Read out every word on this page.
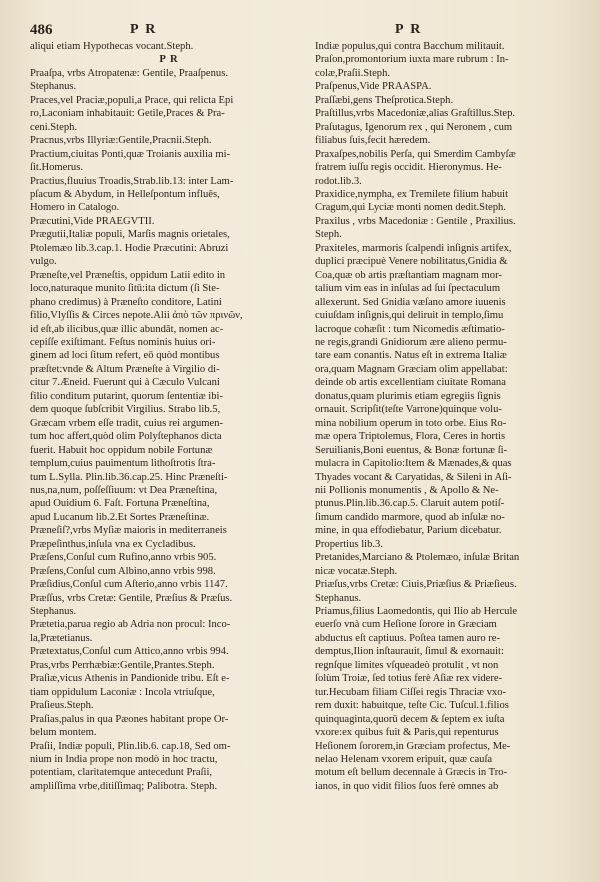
486	P R	P R
aliqui etiam Hypothecas vocant.Steph.
P R
Praaſpa, vrbs Atropatenæ: Gentile, Praaſpenus.
Stephanus.
Praces,vel Praciæ,populi,a Prace, qui relicta Epi
ro,Laconiam inhabitauit: Getile,Praces & Pra-
ceni.Steph.
Pracnus,vrbs Illyriæ:Gentile,Pracnii.Steph.
Practium,ciuitas Ponti,quæ Troianis auxilia mi-
ſit.Homerus.
Practius,fluuius Troadis,Strab.lib.13: inter Lam-
pſacum & Abydum, in Helleſpontum influēs,
Homero in Catalogo.
Præcutini,Vide PRAEGVTII.
Prægutii,Italiæ populi, Marſis magnis orietales,
Ptolemæo lib.3.cap.1. Hodie Præcutini: Abruzi
vulgo.
Præneſte,vel Præneſtis, oppidum Latii edito in
loco,naturaque munito ſitū:ita dictum (ſi Ste-
phano credimus) à Præneſto conditore, Latini
filio,Vlyſſis & Circes nepote.Alii ἀπὸ τῶν πρινῶν,
id eſt,ab ilicibus,quæ illic abundāt, nomen ac-
cepiſſe exiſtimant. Feſtus nominis huius ori-
ginem ad loci ſitum refert, eō quòd montibus
præſtet:vnde & Altum Præneſte à Virgilio di-
citur 7.Æneid. Fuerunt qui à Cæculo Vulcani
filio conditum putarint, quorum ſententiæ ibi-
dem quoque ſubſcribit Virgilius. Strabo lib.5,
Græcam vrbem eſſe tradit, cuius rei argumen-
tum hoc affert,quòd olim Polyſtephanos dicta
fuerit. Habuit hoc oppidum nobile Fortunæ
templum,cuius pauimentum lithoſtrotis ſtra-
tum L.Sylla. Plin.lib.36.cap.25. Hinc Præneſti-
nus,na,num, poſſeſſiuum: vt Dea Præneſtina,
apud Ouidium 6. Faſt. Fortuna Præneſtina,
apud Lucanum lib.2.Et Sortes Præneſtinæ.
Præneſiſ?,vrbs Myſiæ maioris in mediterraneis
Præpeſinthus,inſula vna ex Cycladibus.
Præſens,Conſul cum Rufino,anno vrbis 905.
Præſens,Conſul cum Albino,anno vrbis 998.
Præſidius,Conſul cum Aſterio,anno vrbis 1147.
Præſſus, vrbs Cretæ: Gentile, Præſius & Præſus.
Stephanus.
Prætetia,parua regio ab Adria non procul: Inco-
la,Prætetianus.
Prætextatus,Conſul cum Attico,anno vrbis 994.
Pras,vrbs Perrhæbiæ:Gentile,Prantes.Steph.
Praſiæ,vicus Athenis in Pandionide tribu. Eſt e-
tiam oppidulum Laconiæ : Incola vtriuſque,
Praſieus.Steph.
Praſias,palus in qua Pæones habitant prope Or-
belum montem.
Praſii, Indiæ populi, Plin.lib.6. cap.18, Sed om-
nium in India prope non modò in hoc tractu,
potentiam, claritatemque antecedunt Praſii,
ampliſſima vrbe,ditiſſimaq; Palibotra. Steph.
Indiæ populus,qui contra Bacchum militauit.
Praſon,promontorium iuxta mare rubrum : In-
colæ,Praſii.Steph.
Praſpenus,Vide PRAASPA.
Praſſæbi,gens Theſprotica.Steph.
Praſtillus,vrbs Macedoniæ,alias Graſtillus.Step.
Praſutagus, Igenorum rex , qui Neronem , cum
filiabus ſuis,fecit hæredem.
Praxaſpes,nobilis Perſa, qui Smerdim Cambyſæ
fratrem iuſſu regis occidit. Hieronymus. He-
rodot.lib.3.
Praxidice,nympha, ex Tremilete filium habuit
Cragum,qui Lyciæ monti nomen dedit.Steph.
Praxilus , vrbs Macedoniæ : Gentile , Praxilius.
Steph.
Praxiteles, marmoris ſcalpendi inſignis artifex,
duplici præcipuè Venere nobilitatus,Gnidia &
Coa,quæ ob artis præſtantiam magnam mor-
talium vim eas in inſulas ad ſui ſpectaculum
allexerunt. Sed Gnidia væſano amore iuuenis
cuiuſdam inſignis,qui deliruit in templo,ſimu
lacroque cohæſit : tum Nicomedis æſtimatio-
ne regis,grandi Gnidiorum ære alieno permu-
tare eam conantis. Natus eſt in extrema Italiæ
ora,quam Magnam Græciam olim appellabat:
deinde ob artis excellentiam ciuitate Romana
donatus,quam plurimis etiam egregiis ſignis
ornauit. Scripſit(teſte Varrone)quinque volu-
mina nobilium operum in toto orbe. Eius Ro-
mæ opera Triptolemus, Flora, Ceres in hortis
Seruilianis,Boni euentus, & Bonæ fortunæ ſi-
mulacra in Capitolio:Item & Mænades,& quas
Thyades vocant & Caryatidas, & Sileni in Aſi-
nii Pollionis monumentis , & Apollo & Ne-
ptunus.Plin.lib.36.cap.5. Claruit autem potiſ-
ſimum candido marmore, quod ab inſulæ no-
mine, in qua effodiebatur, Parium dicebatur.
Propertius lib.3.
Pretanides,Marciano & Ptolemæo, inſulæ Britan
nicæ vocatæ.Steph.
Priæſus,vrbs Cretæ: Ciuis,Priæſius & Priæſieus.
Stephanus.
Priamus,filius Laomedontis, qui Ilio ab Hercule
euerſo vnà cum Heſione ſorore in Græciam
abductus eſt captiuus. Poſtea tamen auro re-
demptus,Ilion inſtaurauit, ſimul & exornauit:
regnſque limites vſqueadeò protulit , vt non
ſolùm Troiæ, ſed totius ferè Aſiæ rex videre-
tur.Hecubam filiam Ciſſei regis Thraciæ vxo-
rem duxit: habuitque, teſte Cic. Tuſcul.1.filios
quinquaginta,quorū decem & ſeptem ex iuſta
vxore:ex quibus fuit & Paris,qui repenturus
Heſionem ſororem,in Græciam profectus, Me-
nelao Helenam vxorem eripuit, quæ cauſa
motum eſt bellum decennale à Græcis in Tro-
ianos, in quo vidit filios ſuos ferè omnes ab
